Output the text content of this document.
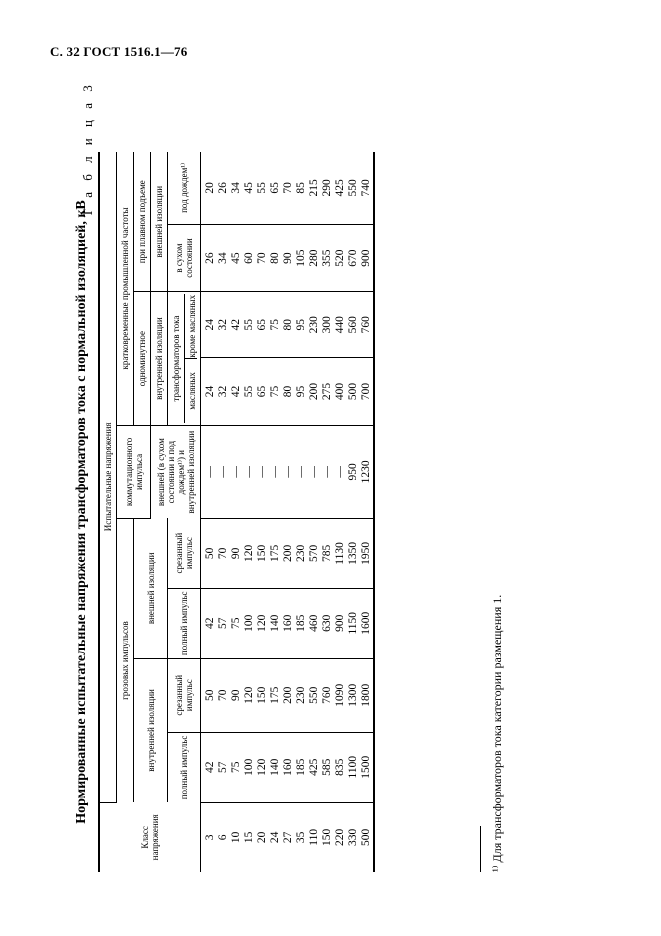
С. 32 ГОСТ 1516.1—76
Т а б л и ц а 3
Нормированные испытательные напряжения трансформаторов тока с нормальной изоляцией, кВ
Класс напряжения	Испытательные напряжения								
	грозовых импульсов				коммутационного импульса	кратковременные промышленной частоты			
	внутренней изоляции		внешней изоляции			одноминутное		при плавном подъеме	
					внешней (в сухом состоянии и под дождем¹⁾) и внутренней изоляции	внутренней изоляции		внешней изоляции	
	полный импульс	срезанный импульс	полный импульс	срезанный импульс		трансформаторов тока масляных
кроме масляных		в сухом состоянии	под дождем¹⁾
3	42	50	42	50	—	24	24	26	20
6	57	70	57	70	—	32	32	34	26
10	75	90	75	90	—	42	42	45	34
15	100	120	100	120	—	55	55	60	45
20	120	150	120	150	—	65	65	70	55
24	140	175	140	175	—	75	75	80	65
27	160	200	160	200	—	80	80	90	70
35	185	230	185	230	—	95	95	105	85
110	425	550	460	570	—	200	230	280	215
150	585	760	630	785	—	275	300	355	290
220	835	1090	900	1130	—	400	440	520	425
330	1100	1300	1150	1350	950	500	560	670	550
500	1500	1800	1600	1950	1230	700	760	900	740
¹⁾ Для трансформаторов тока категории размещения 1.
